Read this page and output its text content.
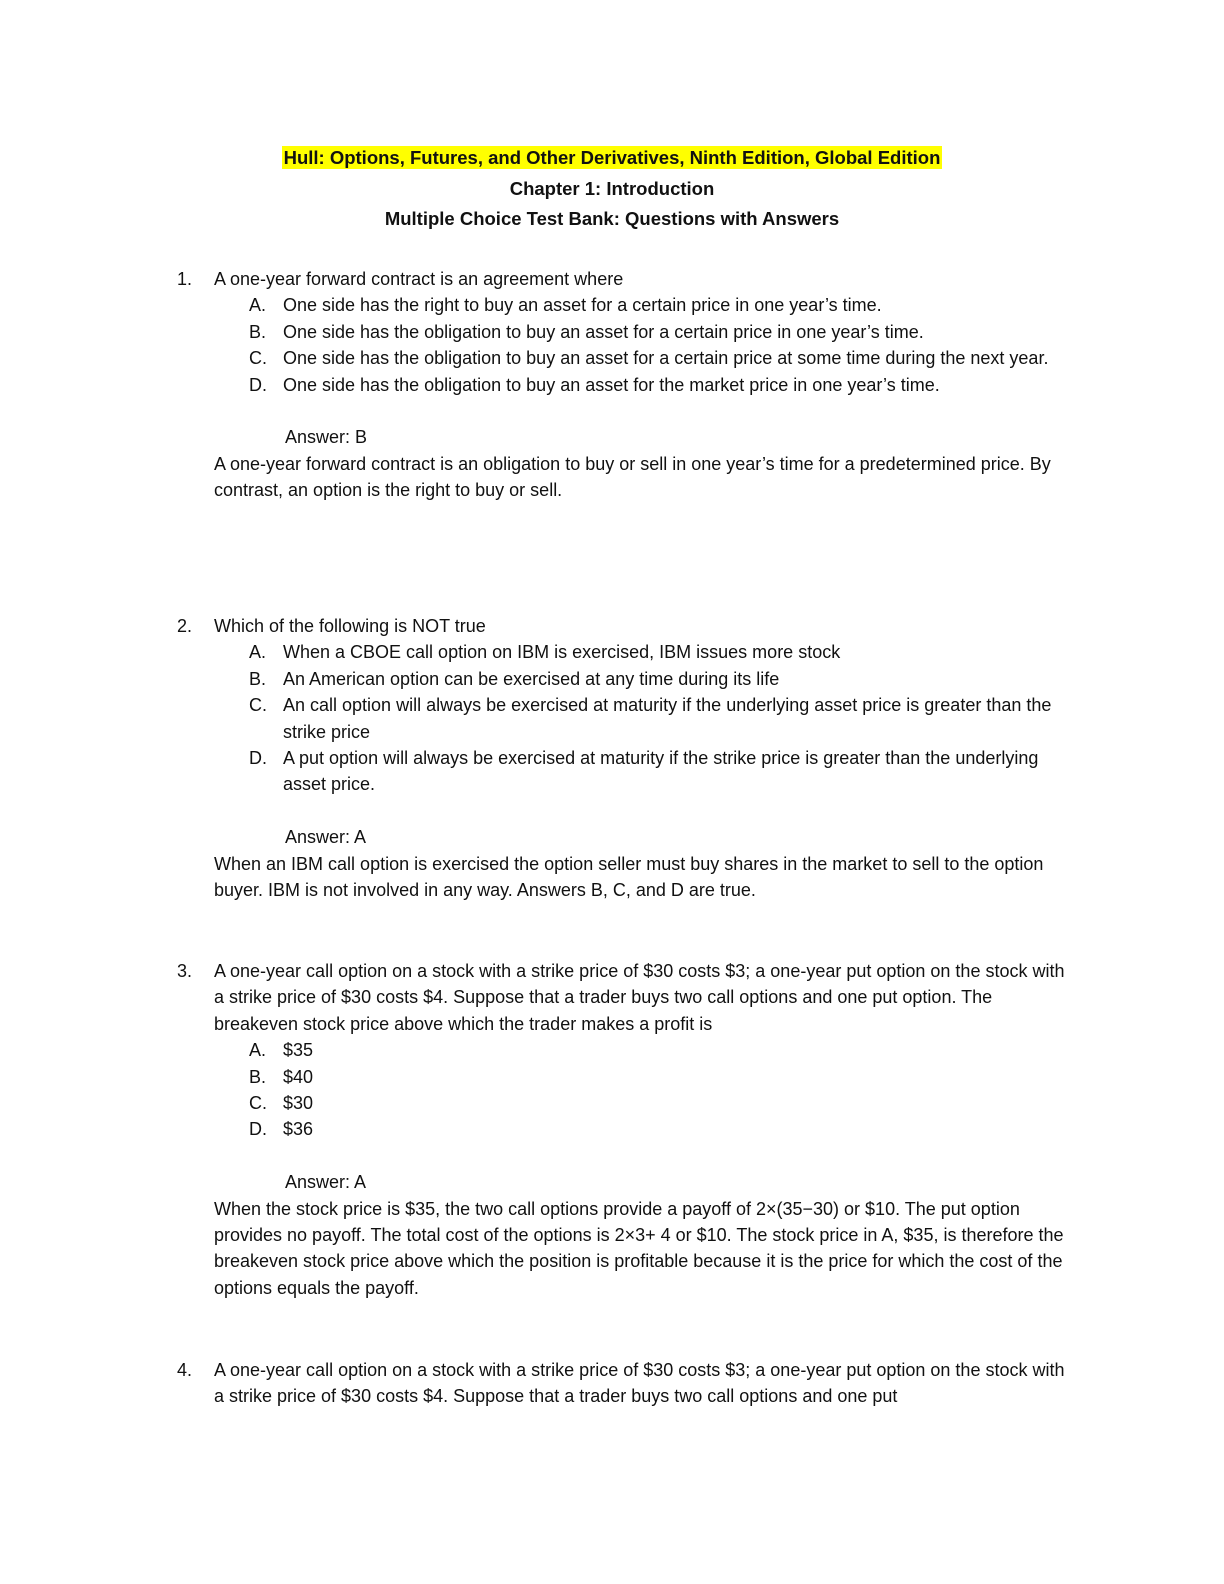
Hull: Options, Futures, and Other Derivatives, Ninth Edition, Global Edition
Chapter 1: Introduction
Multiple Choice Test Bank: Questions with Answers
1.	A one-year forward contract is an agreement where
A. One side has the right to buy an asset for a certain price in one year’s time.
B. One side has the obligation to buy an asset for a certain price in one year’s time.
C. One side has the obligation to buy an asset for a certain price at some time during the next year.
D. One side has the obligation to buy an asset for the market price in one year’s time.
Answer: B
A one-year forward contract is an obligation to buy or sell in one year’s time for a predetermined price. By contrast, an option is the right to buy or sell.
2.	Which of the following is NOT true
A. When a CBOE call option on IBM is exercised, IBM issues more stock
B. An American option can be exercised at any time during its life
C. An call option will always be exercised at maturity if the underlying asset price is greater than the strike price
D. A put option will always be exercised at maturity if the strike price is greater than the underlying asset price.
Answer: A
When an IBM call option is exercised the option seller must buy shares in the market to sell to the option buyer. IBM is not involved in any way. Answers B, C, and D are true.
3.	A one-year call option on a stock with a strike price of $30 costs $3; a one-year put option on the stock with a strike price of $30 costs $4. Suppose that a trader buys two call options and one put option. The breakeven stock price above which the trader makes a profit is
A. $35
B. $40
C. $30
D. $36
Answer: A
When the stock price is $35, the two call options provide a payoff of 2×(35−30) or $10. The put option provides no payoff. The total cost of the options is 2×3+ 4 or $10. The stock price in A, $35, is therefore the breakeven stock price above which the position is profitable because it is the price for which the cost of the options equals the payoff.
4.	A one-year call option on a stock with a strike price of $30 costs $3; a one-year put option on the stock with a strike price of $30 costs $4. Suppose that a trader buys two call options and one put
